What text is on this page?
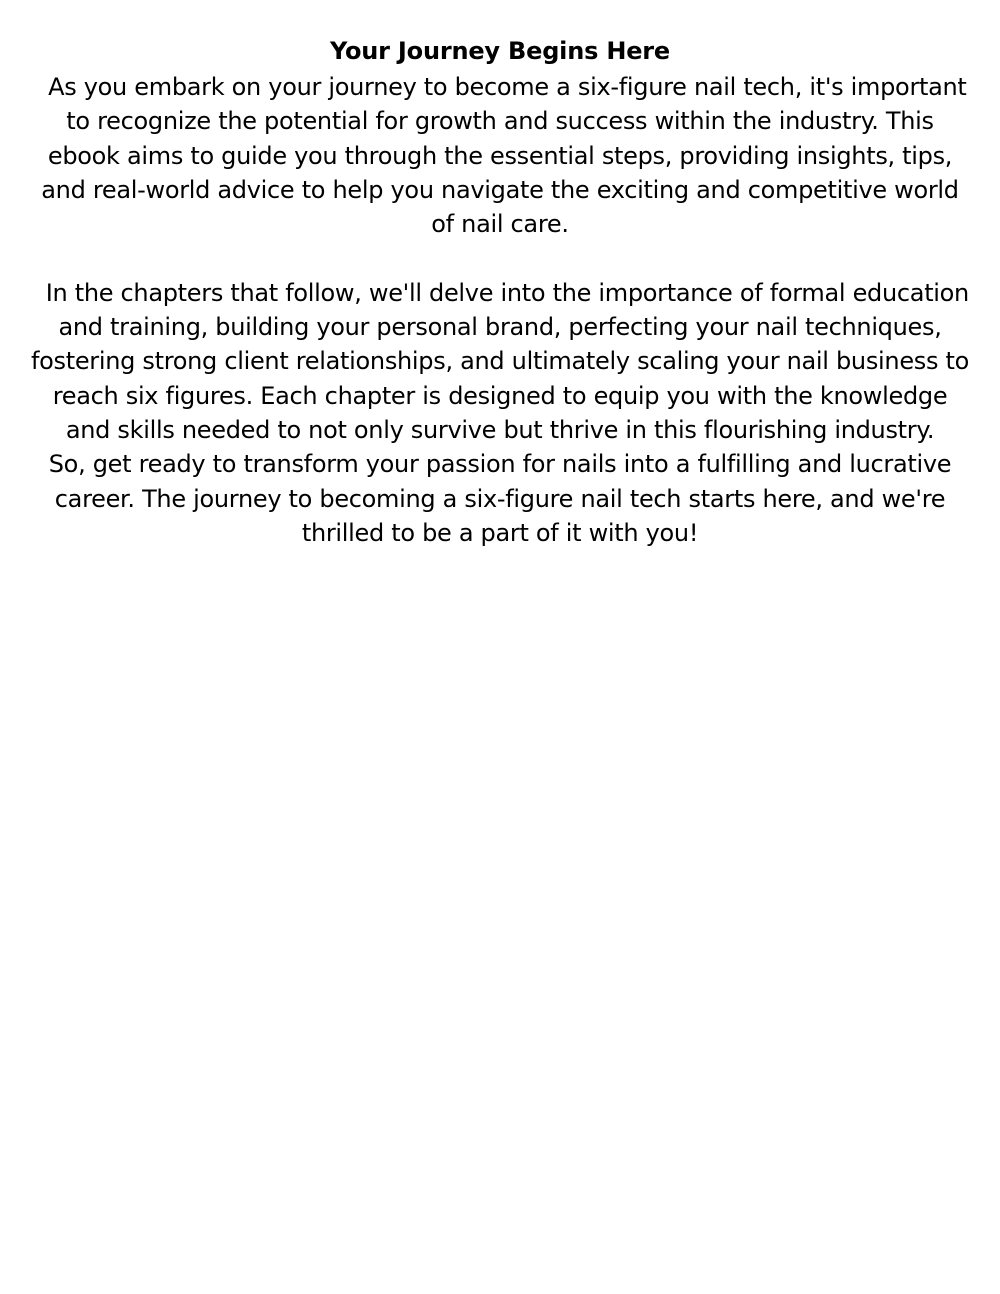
Your Journey Begins Here

As you embark on your journey to become a six-figure nail tech, it's important to recognize the potential for growth and success within the industry. This ebook aims to guide you through the essential steps, providing insights, tips, and real-world advice to help you navigate the exciting and competitive world of nail care.

In the chapters that follow, we'll delve into the importance of formal education and training, building your personal brand, perfecting your nail techniques, fostering strong client relationships, and ultimately scaling your nail business to reach six figures. Each chapter is designed to equip you with the knowledge and skills needed to not only survive but thrive in this flourishing industry.

So, get ready to transform your passion for nails into a fulfilling and lucrative career. The journey to becoming a six-figure nail tech starts here, and we're thrilled to be a part of it with you!
